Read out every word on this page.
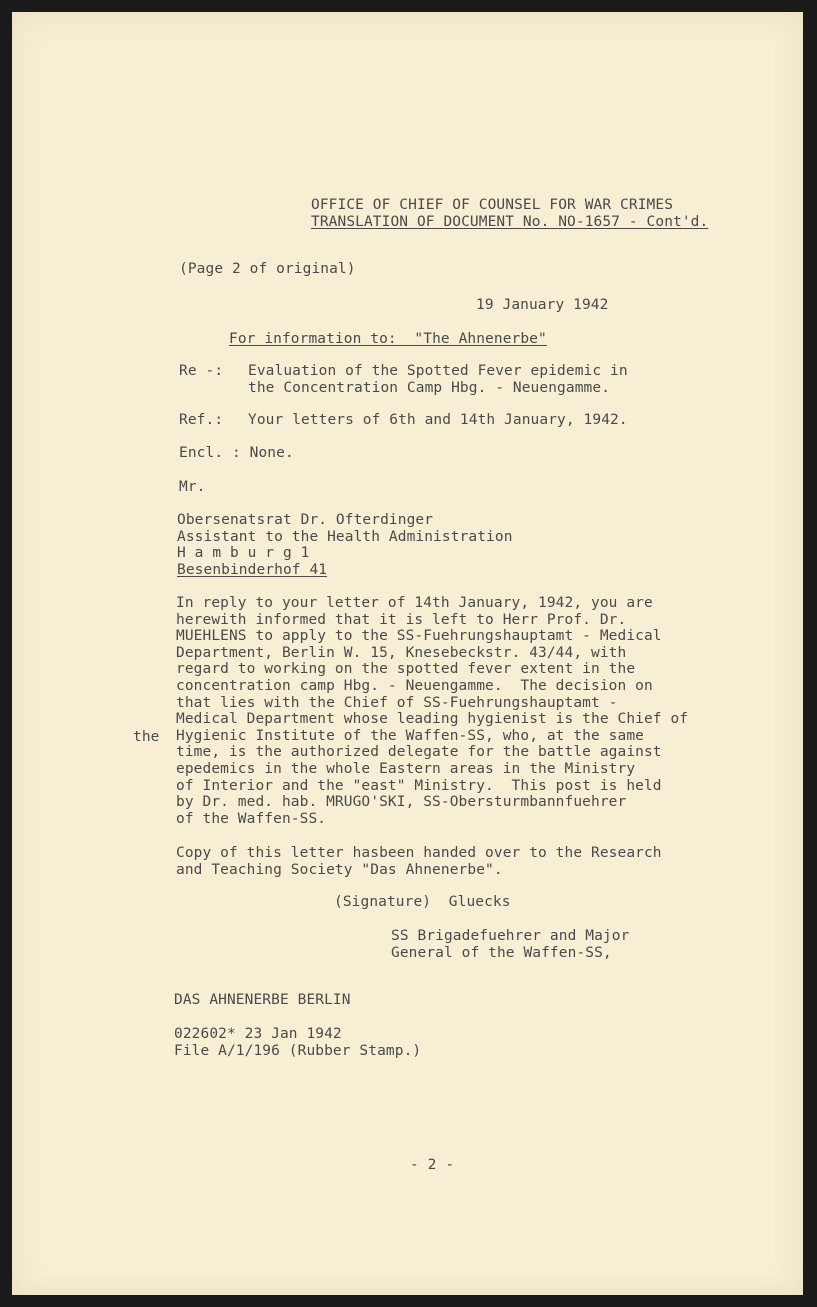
OFFICE OF CHIEF OF COUNSEL FOR WAR CRIMES
TRANSLATION OF DOCUMENT No. NO-1657 - Cont'd.
(Page 2 of original)
19 January 1942
For information to:  "The Ahnenerbe"
Re -: Evaluation of the Spotted Fever epidemic in
the Concentration Camp Hbg. - Neuengamme.
Ref.: Your letters of 6th and 14th January, 1942.
Encl. : None.
Mr.
Obersenatsrat Dr. Ofterdinger
Assistant to the Health Administration
H a m b u r g 1
Besenbinderhof 41
In reply to your letter of 14th January, 1942, you are
herewith informed that it is left to Herr Prof. Dr.
MUEHLENS to apply to the SS-Fuehrungshauptamt - Medical
Department, Berlin W. 15, Knesebeckstr. 43/44, with
regard to working on the spotted fever extent in the
concentration camp Hbg. - Neuengamme.  The decision on
that lies with the Chief of SS-Fuehrungshauptamt -
Medical Department whose leading hygienist is the Chief of
Hygienic Institute of the Waffen-SS, who, at the same
time, is the authorized delegate for the battle against
epedemics in the whole Eastern areas in the Ministry
of Interior and the "east" Ministry.  This post is held
by Dr. med. hab. MRUGO'SKI, SS-Obersturmbannfuehrer
of the Waffen-SS.
the
Copy of this letter hasbeen handed over to the Research
and Teaching Society "Das Ahnenerbe".
(Signature)  Gluecks
SS Brigadefuehrer and Major
General of the Waffen-SS,
DAS AHNENERBE BERLIN
022602* 23 Jan 1942
File A/1/196 (Rubber Stamp.)
- 2 -
